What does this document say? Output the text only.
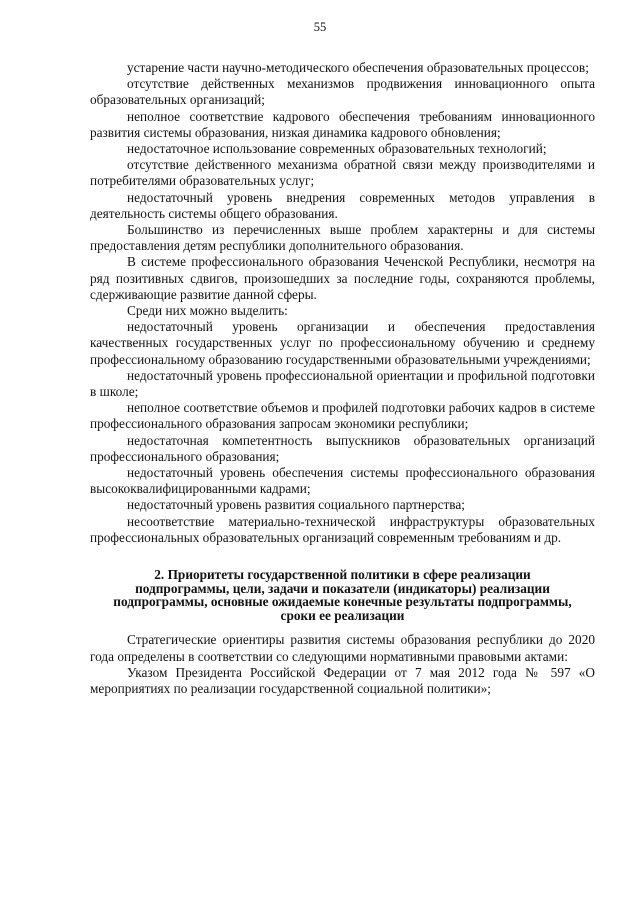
55

устарение части научно-методического обеспечения образовательных процессов;

отсутствие действенных механизмов продвижения инновационного опыта образовательных организаций;

неполное соответствие кадрового обеспечения требованиям инновационного развития системы образования, низкая динамика кадрового обновления;

недостаточное использование современных образовательных технологий;

отсутствие действенного механизма обратной связи между производителями и потребителями образовательных услуг;

недостаточный уровень внедрения современных методов управления в деятельность системы общего образования.

Большинство из перечисленных выше проблем характерны и для системы предоставления детям республики дополнительного образования.

В системе профессионального образования Чеченской Республики, несмотря на ряд позитивных сдвигов, произошедших за последние годы, сохраняются проблемы, сдерживающие развитие данной сферы.

Среди них можно выделить:

недостаточный уровень организации и обеспечения предоставления качественных государственных услуг по профессиональному обучению и среднему профессиональному образованию государственными образовательными учреждениями;

недостаточный уровень профессиональной ориентации и профильной подготовки в школе;

неполное соответствие объемов и профилей подготовки рабочих кадров в системе профессионального образования запросам экономики республики;

недостаточная компетентность выпускников образовательных организаций профессионального образования;

недостаточный уровень обеспечения системы профессионального образования высококвалифицированными кадрами;

недостаточный уровень развития социального партнерства;

несоответствие материально-технической инфраструктуры образовательных профессиональных образовательных организаций современным требованиям и др.

2. Приоритеты государственной политики в сфере реализации подпрограммы, цели, задачи и показатели (индикаторы) реализации подпрограммы, основные ожидаемые конечные результаты подпрограммы, сроки ее реализации

Стратегические ориентиры развития системы образования республики до 2020 года определены в соответствии со следующими нормативными правовыми актами:

Указом Президента Российской Федерации от 7 мая 2012 года № 597 «О мероприятиях по реализации государственной социальной политики»;
